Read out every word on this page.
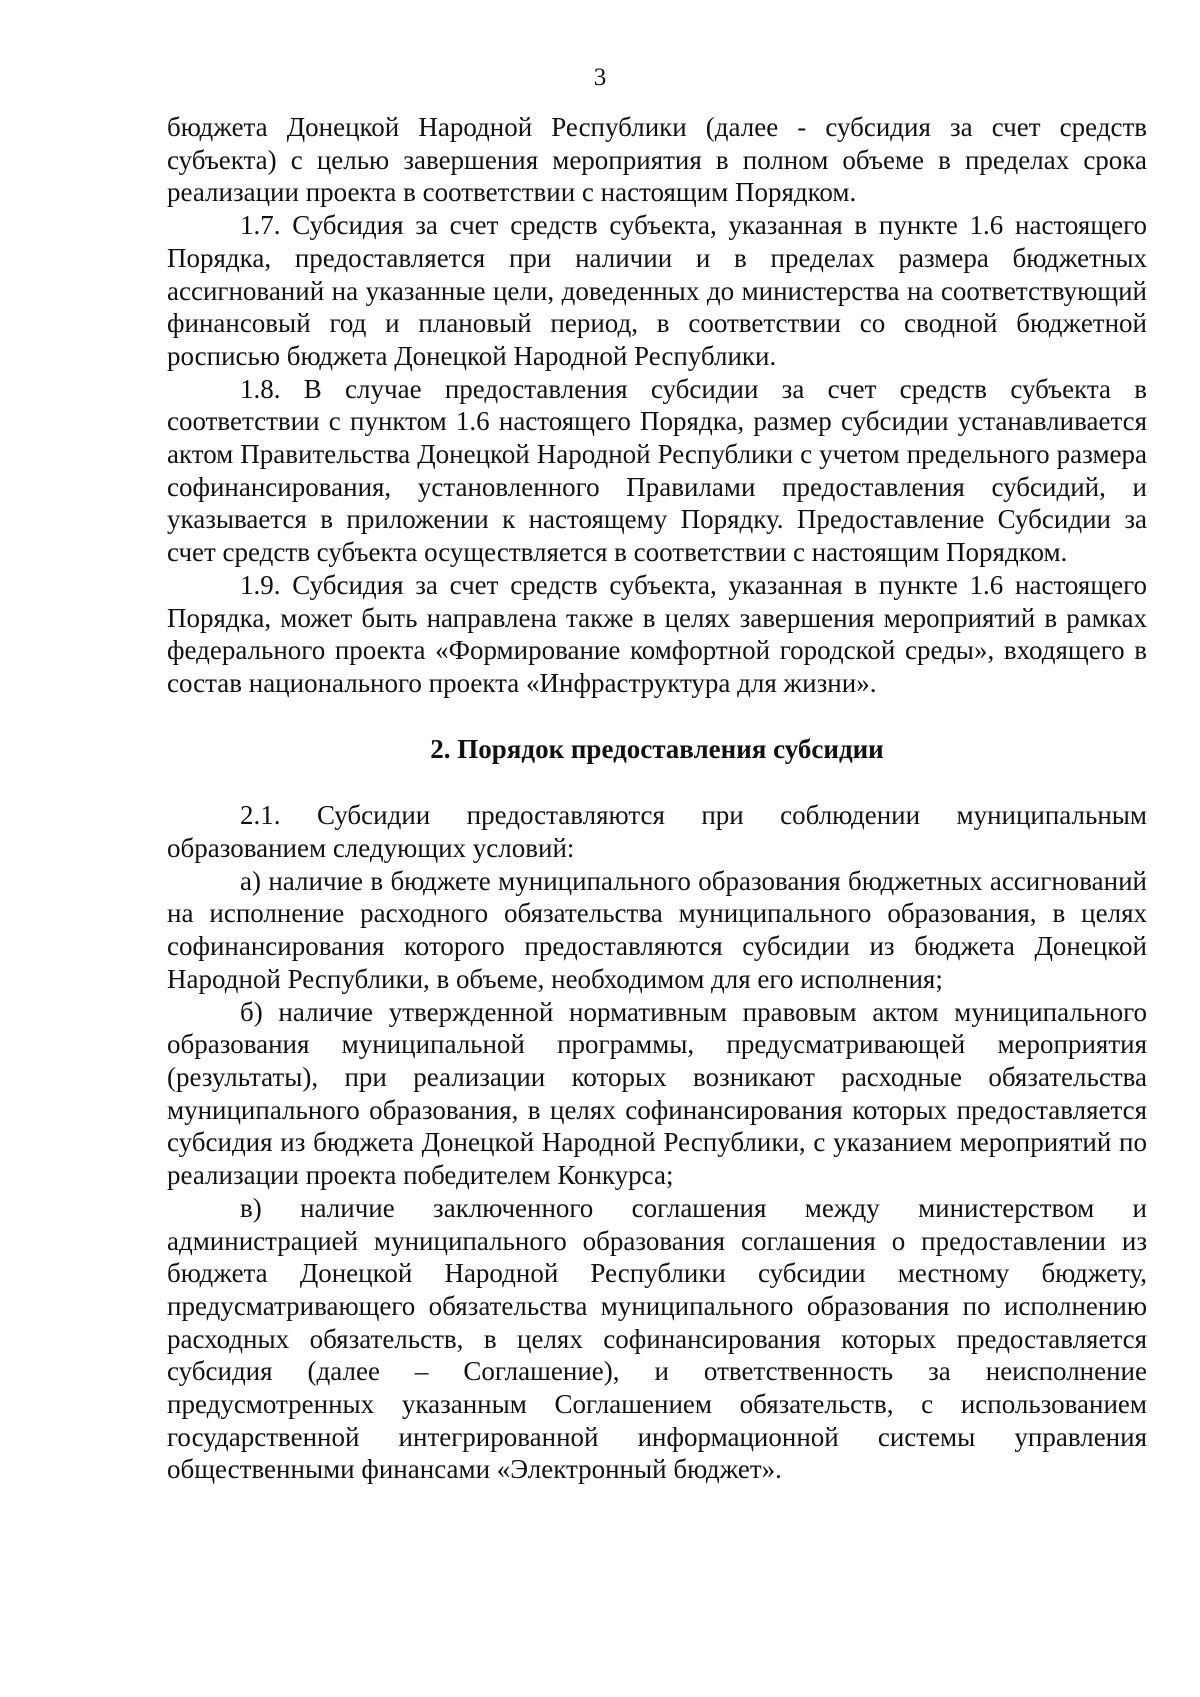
3

бюджета Донецкой Народной Республики (далее - субсидия за счет средств субъекта) с целью завершения мероприятия в полном объеме в пределах срока реализации проекта в соответствии с настоящим Порядком.

1.7. Субсидия за счет средств субъекта, указанная в пункте 1.6 настоящего Порядка, предоставляется при наличии и в пределах размера бюджетных ассигнований на указанные цели, доведенных до министерства на соответствующий финансовый год и плановый период, в соответствии со сводной бюджетной росписью бюджета Донецкой Народной Республики.

1.8. В случае предоставления субсидии за счет средств субъекта в соответствии с пунктом 1.6 настоящего Порядка, размер субсидии устанавливается актом Правительства Донецкой Народной Республики с учетом предельного размера софинансирования, установленного Правилами предоставления субсидий, и указывается в приложении к настоящему Порядку. Предоставление Субсидии за счет средств субъекта осуществляется в соответствии с настоящим Порядком.

1.9. Субсидия за счет средств субъекта, указанная в пункте 1.6 настоящего Порядка, может быть направлена также в целях завершения мероприятий в рамках федерального проекта «Формирование комфортной городской среды», входящего в состав национального проекта «Инфраструктура для жизни».

2. Порядок предоставления субсидии

2.1. Субсидии предоставляются при соблюдении муниципальным образованием следующих условий:

а) наличие в бюджете муниципального образования бюджетных ассигнований на исполнение расходного обязательства муниципального образования, в целях софинансирования которого предоставляются субсидии из бюджета Донецкой Народной Республики, в объеме, необходимом для его исполнения;

б) наличие утвержденной нормативным правовым актом муниципального образования муниципальной программы, предусматривающей мероприятия (результаты), при реализации которых возникают расходные обязательства муниципального образования, в целях софинансирования которых предоставляется субсидия из бюджета Донецкой Народной Республики, с указанием мероприятий по реализации проекта победителем Конкурса;

в) наличие заключенного соглашения между министерством и администрацией муниципального образования соглашения о предоставлении из бюджета Донецкой Народной Республики субсидии местному бюджету, предусматривающего обязательства муниципального образования по исполнению расходных обязательств, в целях софинансирования которых предоставляется субсидия (далее – Соглашение), и ответственность за неисполнение предусмотренных указанным Соглашением обязательств, с использованием государственной интегрированной информационной системы управления общественными финансами «Электронный бюджет».
